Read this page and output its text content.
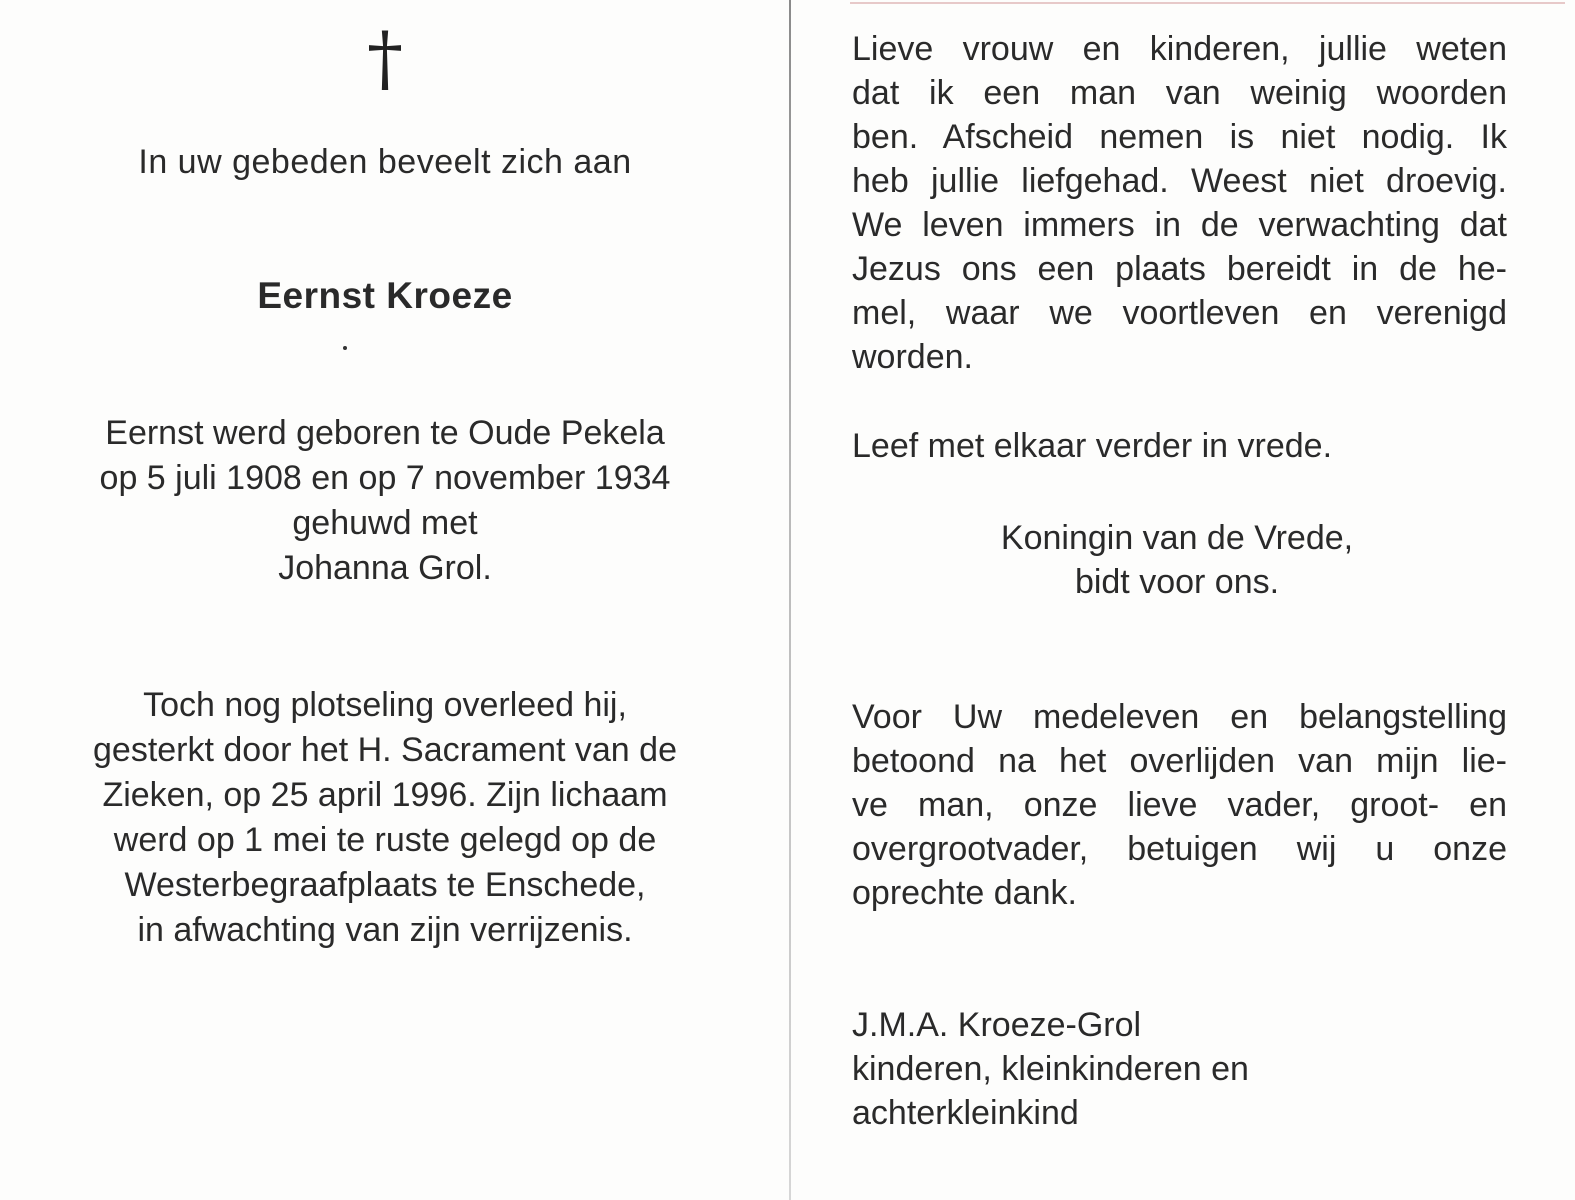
†
In uw gebeden beveelt zich aan
Eernst Kroeze
Eernst werd geboren te Oude Pekela
op 5 juli 1908 en op 7 november 1934
gehuwd met
Johanna Grol.
Toch nog plotseling overleed hij,
gesterkt door het H. Sacrament van de
Zieken, op 25 april 1996. Zijn lichaam
werd op 1 mei te ruste gelegd op de
Westerbegraafplaats te Enschede,
in afwachting van zijn verrijzenis.
Lieve vrouw en kinderen, jullie weten
dat ik een man van weinig woorden
ben. Afscheid nemen is niet nodig. Ik
heb jullie liefgehad. Weest niet droevig.
We leven immers in de verwachting dat
Jezus ons een plaats bereidt in de he-
mel, waar we voortleven en verenigd
worden.
Leef met elkaar verder in vrede.
Koningin van de Vrede,
bidt voor ons.
Voor Uw medeleven en belangstelling
betoond na het overlijden van mijn lie-
ve man, onze lieve vader, groot- en
overgrootvader, betuigen wij u onze
oprechte dank.
J.M.A. Kroeze-Grol
kinderen, kleinkinderen en
achterkleinkind
